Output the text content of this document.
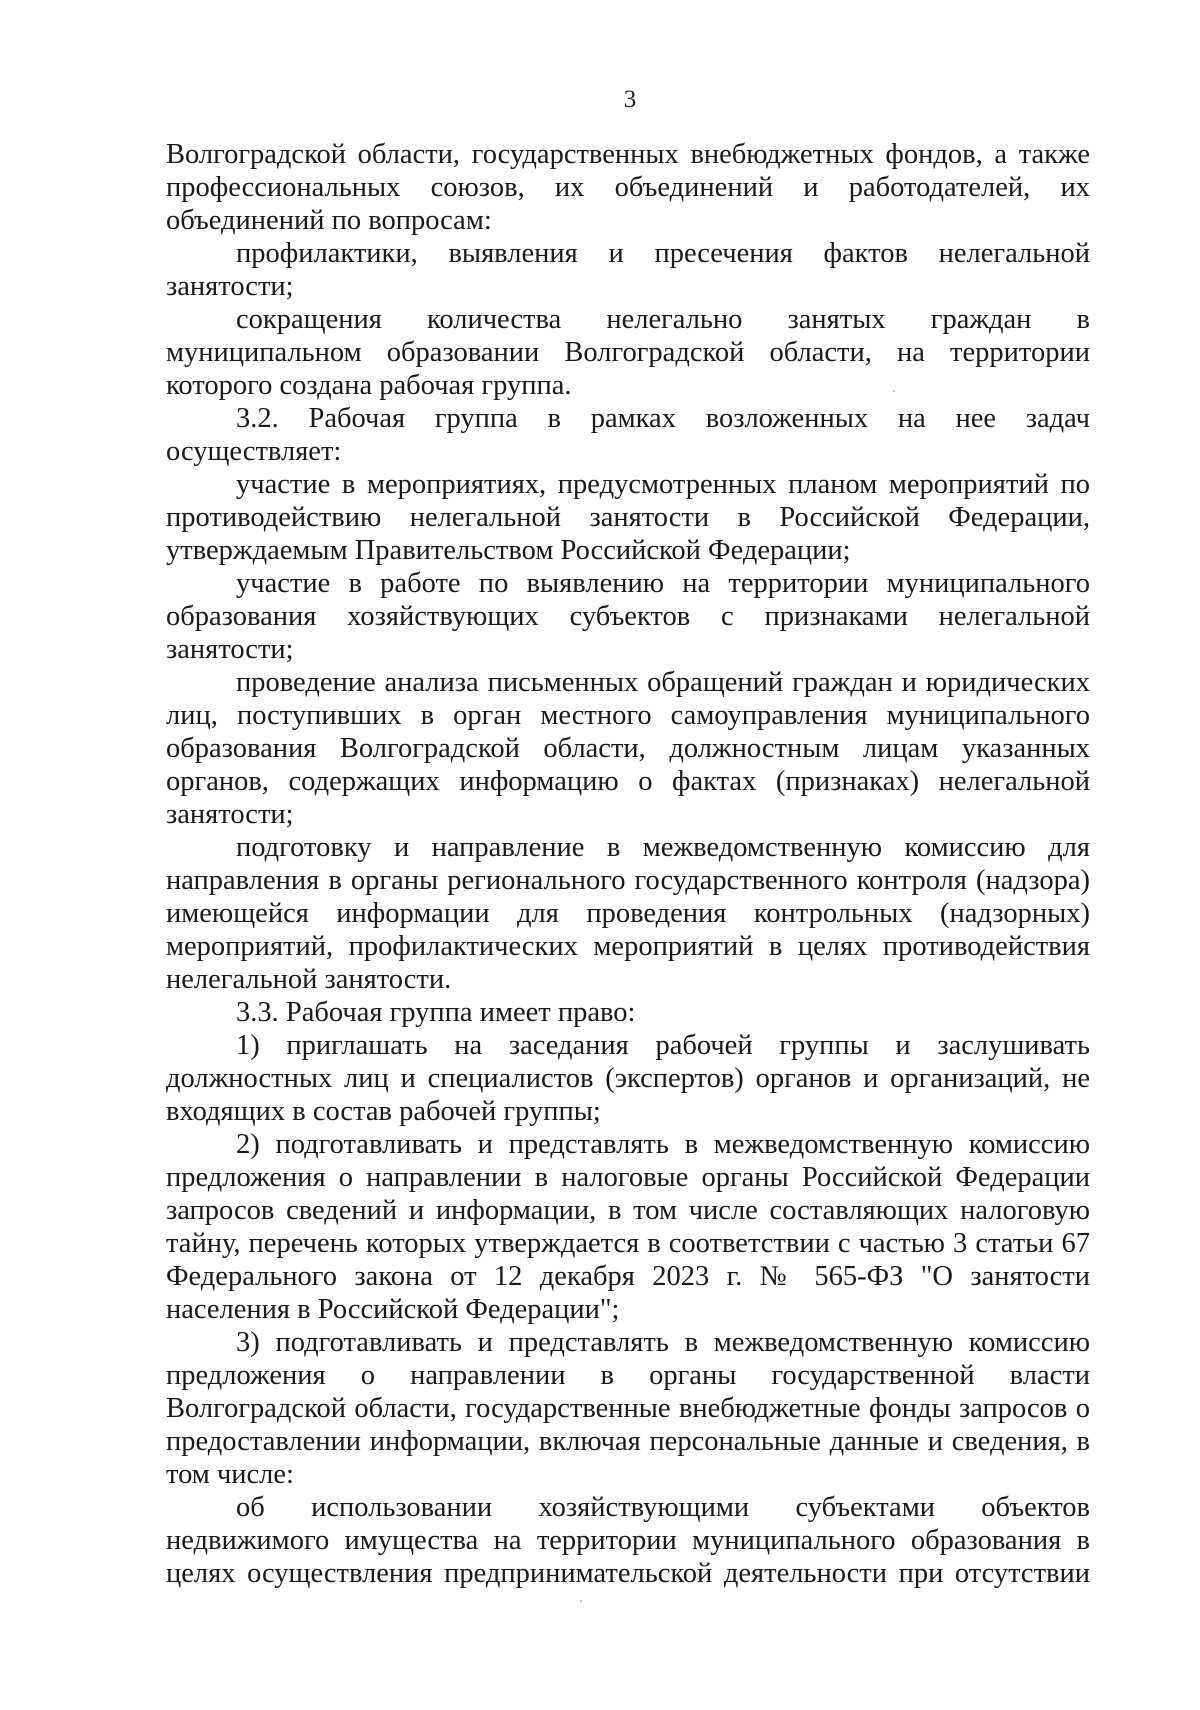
3

Волгоградской области, государственных внебюджетных фондов, а также профессиональных союзов, их объединений и работодателей, их объединений по вопросам:

профилактики, выявления и пресечения фактов нелегальной занятости;

сокращения количества нелегально занятых граждан в муниципальном образовании Волгоградской области, на территории которого создана рабочая группа.

3.2. Рабочая группа в рамках возложенных на нее задач осуществляет:

участие в мероприятиях, предусмотренных планом мероприятий по противодействию нелегальной занятости в Российской Федерации, утверждаемым Правительством Российской Федерации;

участие в работе по выявлению на территории муниципального образования хозяйствующих субъектов с признаками нелегальной занятости;

проведение анализа письменных обращений граждан и юридических лиц, поступивших в орган местного самоуправления муниципального образования Волгоградской области, должностным лицам указанных органов, содержащих информацию о фактах (признаках) нелегальной занятости;

подготовку и направление в межведомственную комиссию для направления в органы регионального государственного контроля (надзора) имеющейся информации для проведения контрольных (надзорных) мероприятий, профилактических мероприятий в целях противодействия нелегальной занятости.

3.3. Рабочая группа имеет право:

1) приглашать на заседания рабочей группы и заслушивать должностных лиц и специалистов (экспертов) органов и организаций, не входящих в состав рабочей группы;

2) подготавливать и представлять в межведомственную комиссию предложения о направлении в налоговые органы Российской Федерации запросов сведений и информации, в том числе составляющих налоговую тайну, перечень которых утверждается в соответствии с частью 3 статьи 67 Федерального закона от 12 декабря 2023 г. № 565-ФЗ "О занятости населения в Российской Федерации";

3) подготавливать и представлять в межведомственную комиссию предложения о направлении в органы государственной власти Волгоградской области, государственные внебюджетные фонды запросов о предоставлении информации, включая персональные данные и сведения, в том числе:

об использовании хозяйствующими субъектами объектов недвижимого имущества на территории муниципального образования в целях осуществления предпринимательской деятельности при отсутствии
